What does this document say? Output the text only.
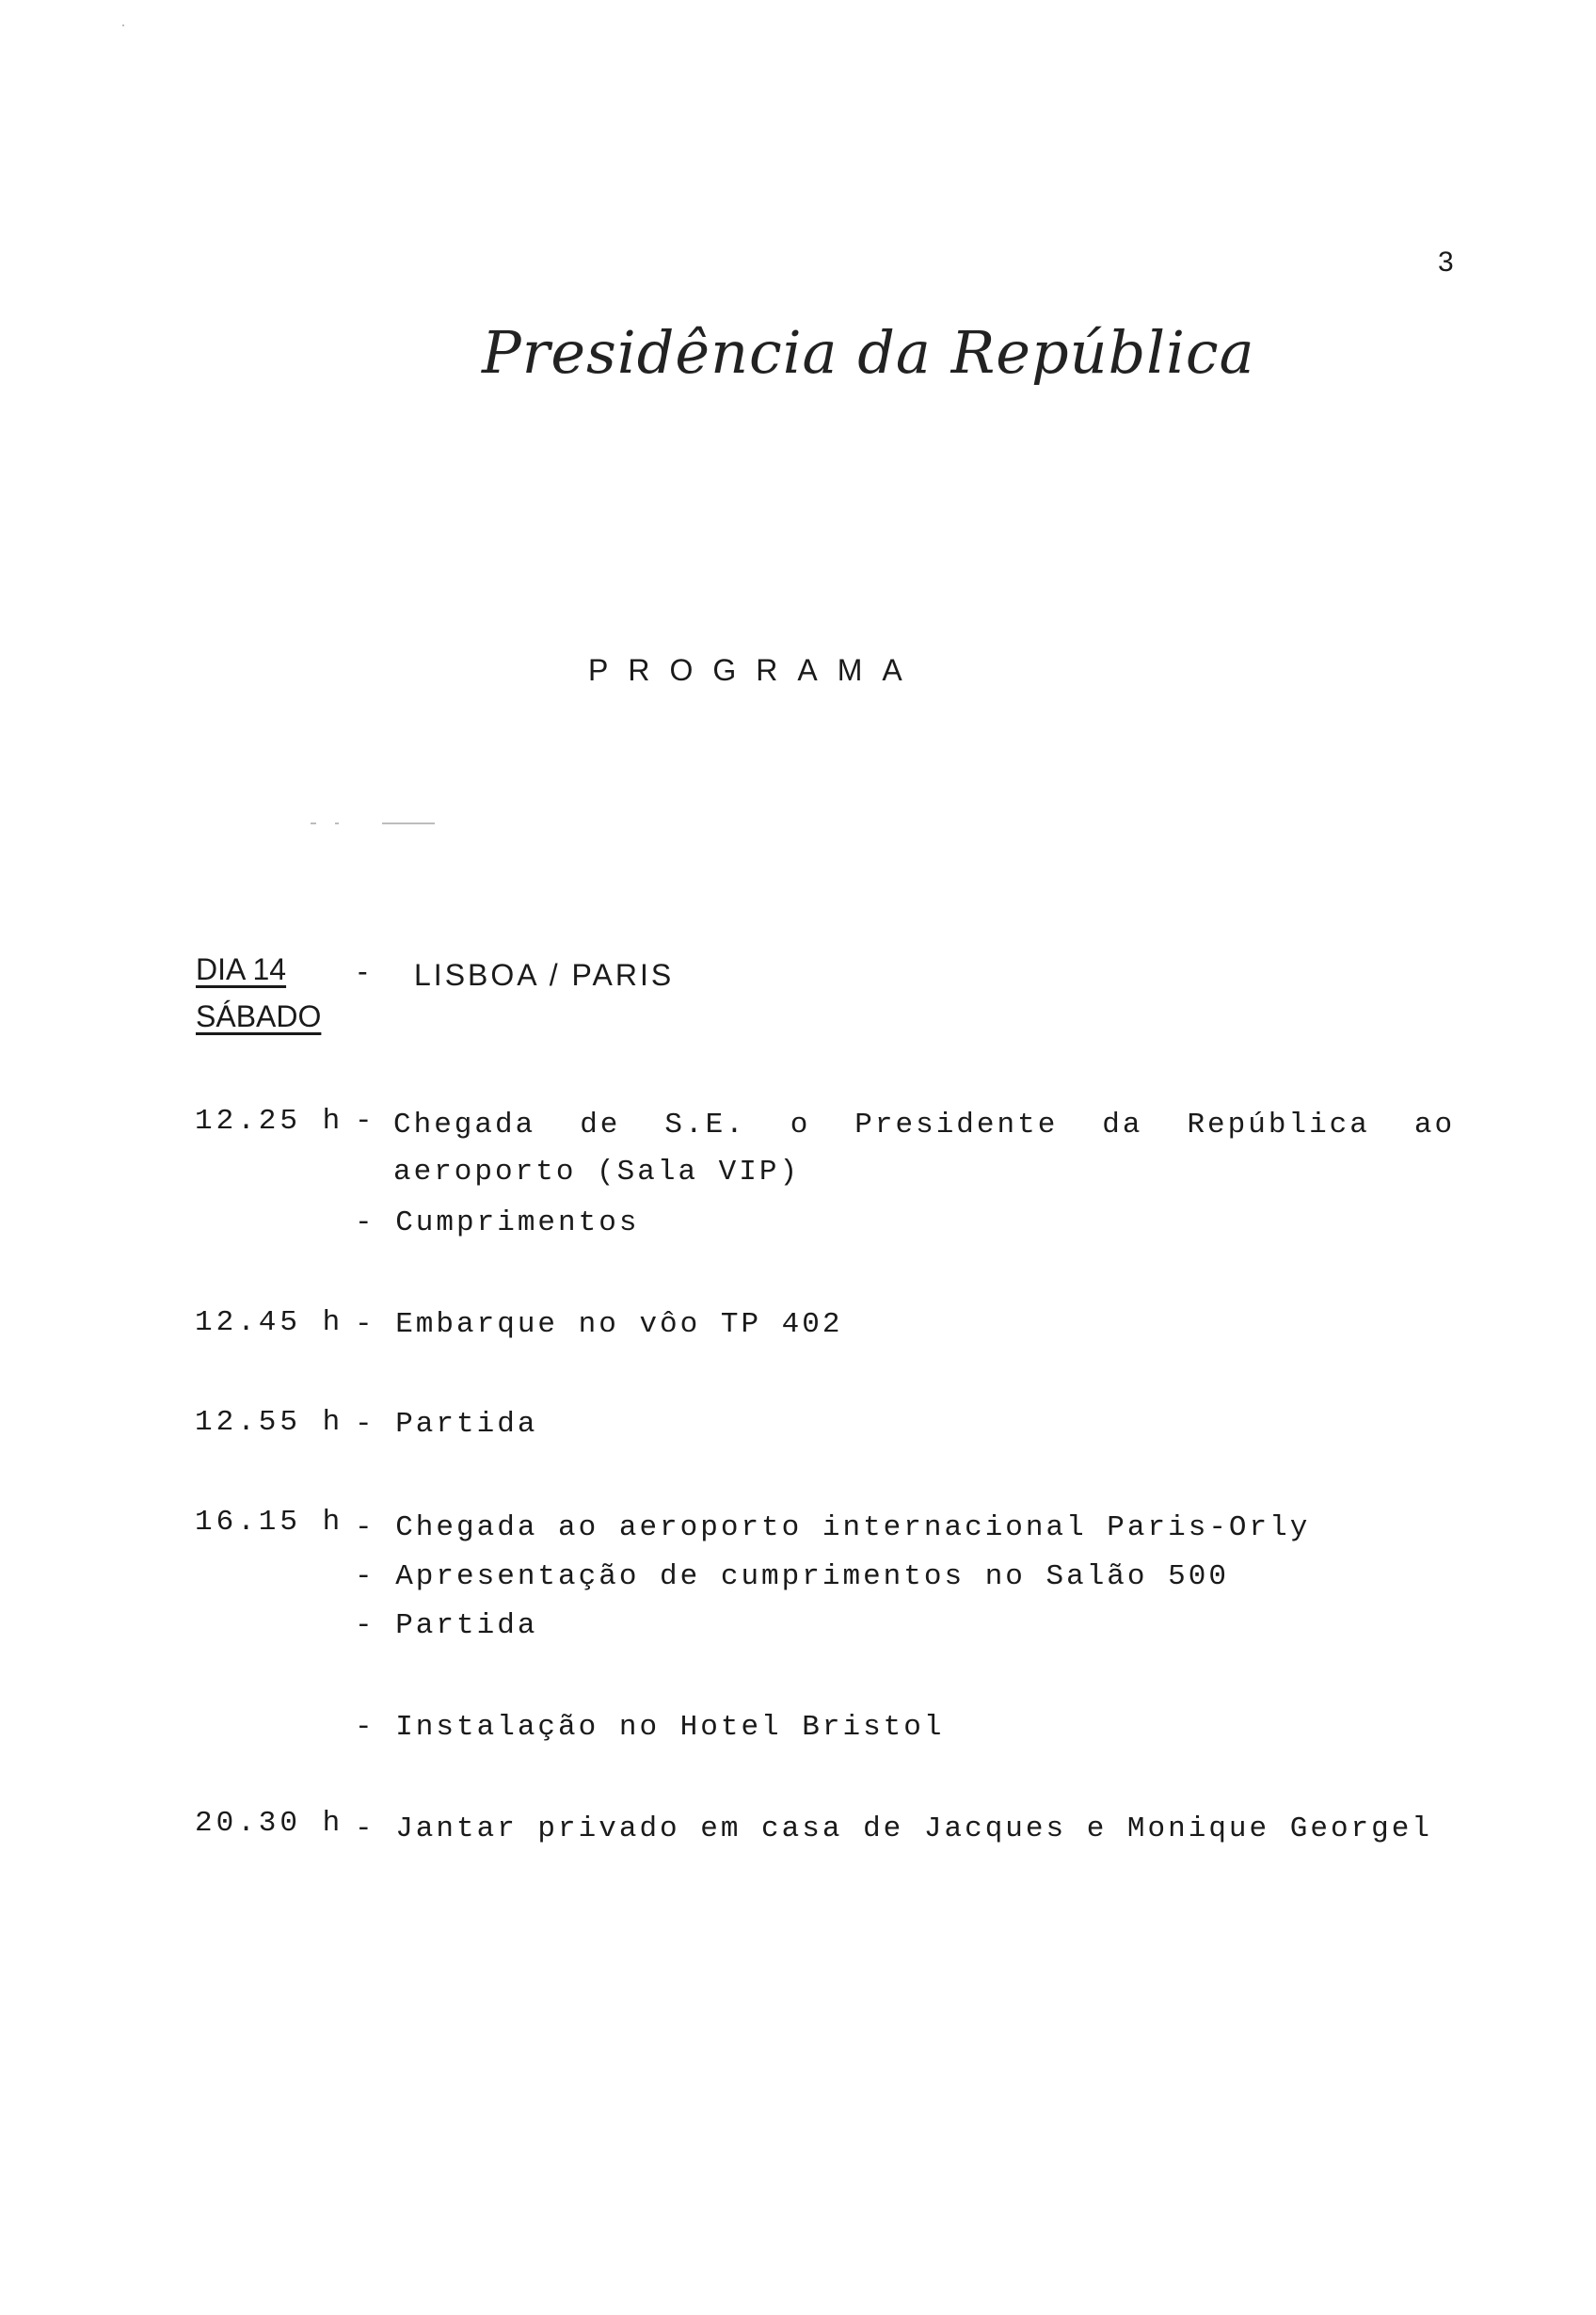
3
Presidência da República
PROGRAMA
DIA 14
SÁBADO
- LISBOA / PARIS
12.25 h - Chegada de S.E. o Presidente da República ao
aeroporto (Sala VIP)
- Cumprimentos
12.45 h - Embarque no vôo TP 402
12.55 h - Partida
16.15 h - Chegada ao aeroporto internacional Paris-Orly
- Apresentação de cumprimentos no Salão 500
- Partida
- Instalação no Hotel Bristol
20.30 h - Jantar privado em casa de Jacques e Monique Georgel
